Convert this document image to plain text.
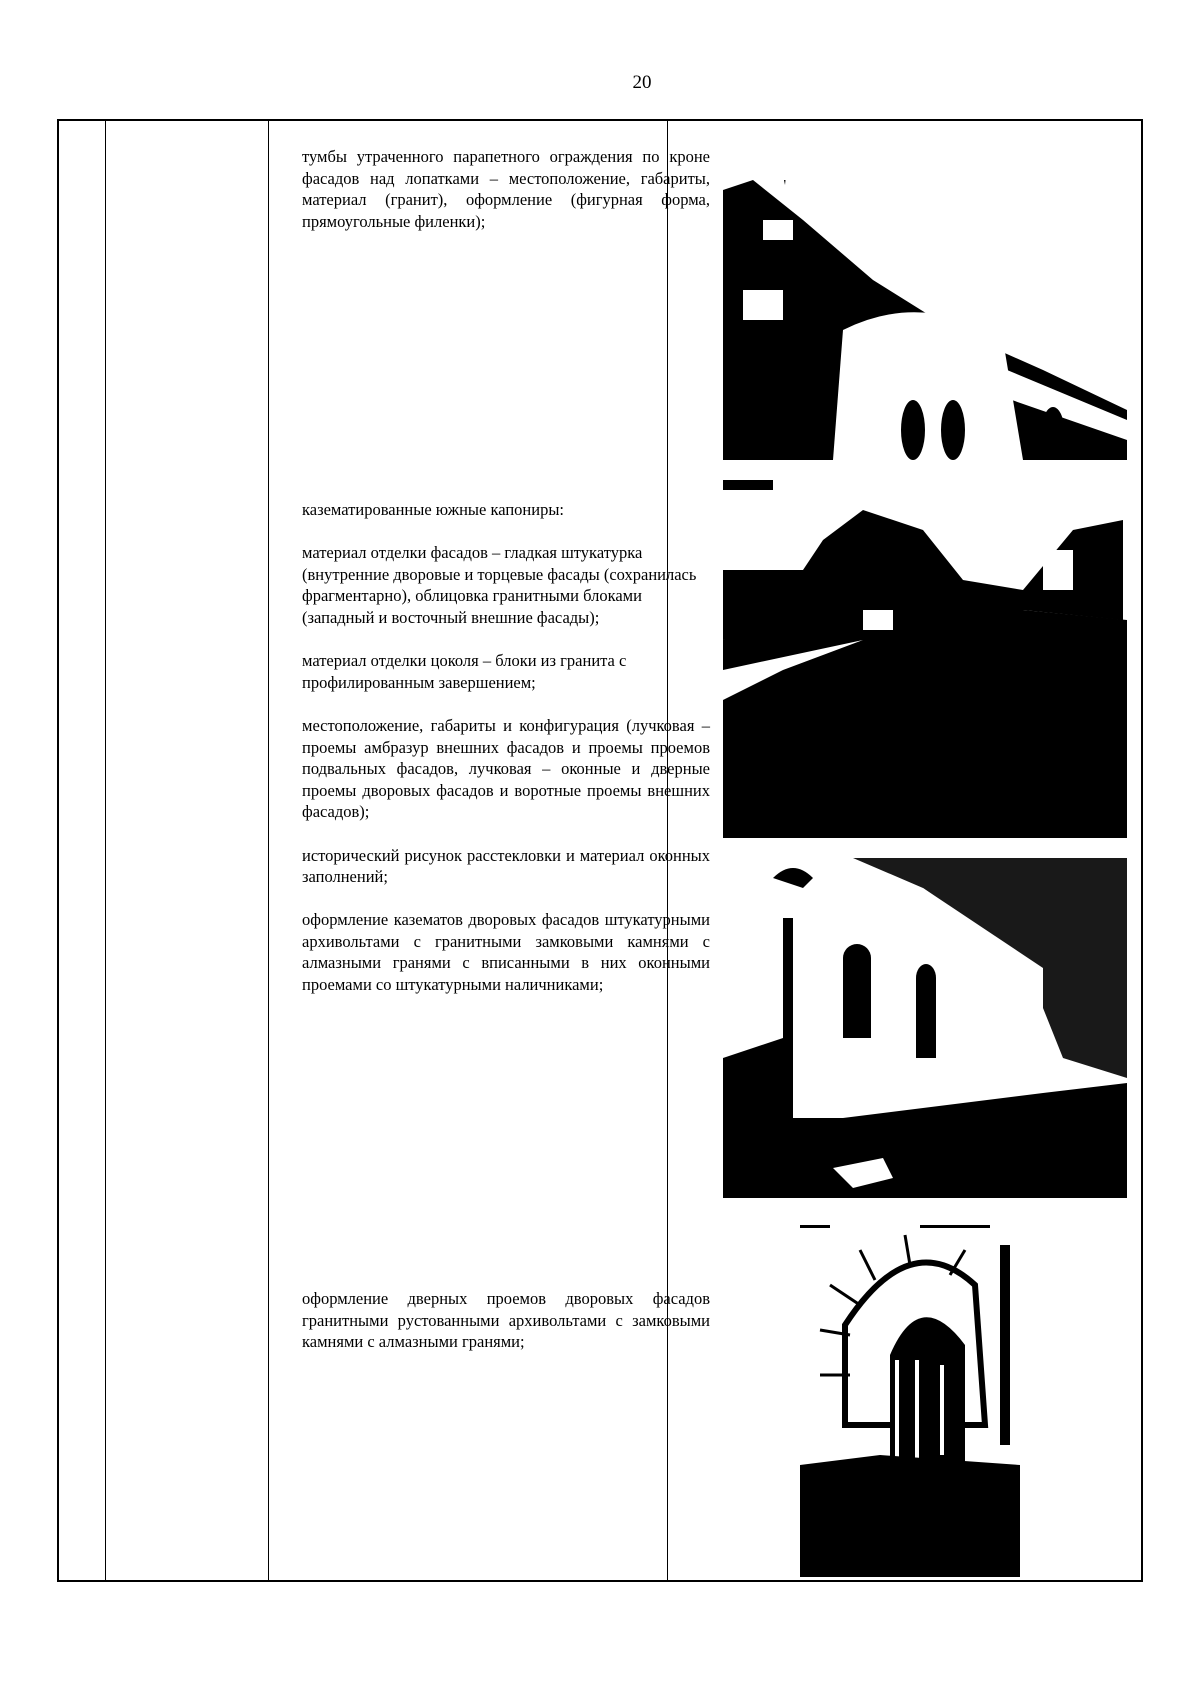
20

тумбы утраченного парапетного ограждения по кроне фасадов над лопатками – местоположение, габариты, материал (гранит), оформление (фигурная форма, прямоугольные филенки);

казематированные южные капониры:

материал отделки фасадов – гладкая штукатурка (внутренние дворовые и торцевые фасады (сохранилась фрагментарно), облицовка гранитными блоками (западный и восточный внешние фасады);

материал отделки цоколя – блоки из гранита с профилированным завершением;

местоположение, габариты и конфигурация (лучковая – проемы амбразур внешних фасадов и проемы проемов подвальных фасадов, лучковая – оконные и дверные проемы дворовых фасадов и воротные проемы внешних фасадов);

исторический рисунок расстекловки и материал оконных заполнений;

оформление казематов дворовых фасадов штукатурными архивольтами с гранитными замковыми камнями с алмазными гранями с вписанными в них оконными проемами со штукатурными наличниками;

оформление дверных проемов дворовых фасадов гранитными рустованными архивольтами с замковыми камнями с алмазными гранями;
